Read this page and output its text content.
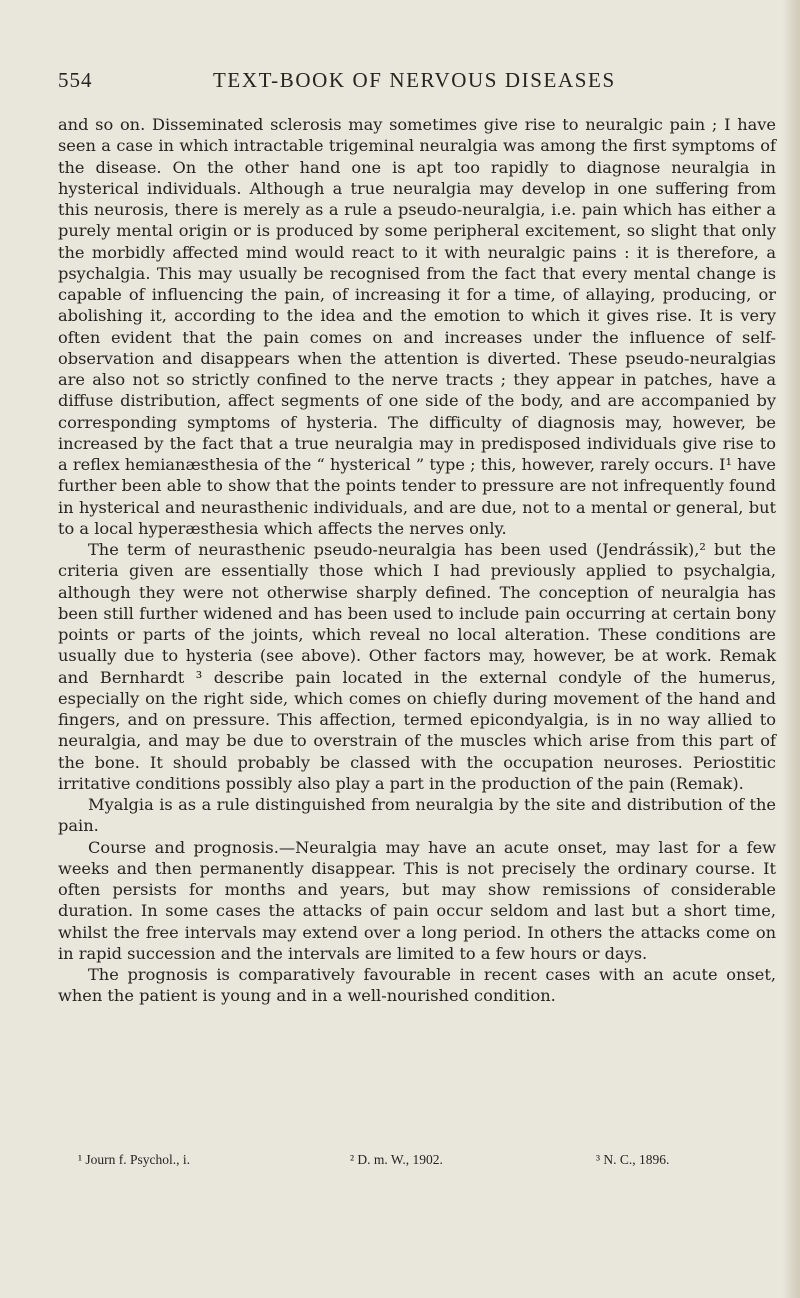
554	TEXT-BOOK OF NERVOUS DISEASES

and so on. Disseminated sclerosis may sometimes give rise to neuralgic pain ; I have seen a case in which intractable trigeminal neuralgia was among the first symptoms of the disease. On the other hand one is apt too rapidly to diagnose neuralgia in hysterical individuals. Although a true neuralgia may develop in one suffering from this neurosis, there is merely as a rule a pseudo-neuralgia, i.e. pain which has either a purely mental origin or is produced by some peripheral excitement, so slight that only the morbidly affected mind would react to it with neuralgic pains : it is therefore, a psychalgia. This may usually be recognised from the fact that every mental change is capable of influencing the pain, of increasing it for a time, of allaying, producing, or abolishing it, according to the idea and the emotion to which it gives rise. It is very often evident that the pain comes on and increases under the influence of self-observation and disappears when the attention is diverted. These pseudo-neuralgias are also not so strictly confined to the nerve tracts ; they appear in patches, have a diffuse distribution, affect segments of one side of the body, and are accompanied by corresponding symptoms of hysteria. The difficulty of diagnosis may, however, be increased by the fact that a true neuralgia may in predisposed individuals give rise to a reflex hemianæsthesia of the “ hysterical ” type ; this, however, rarely occurs. I¹ have further been able to show that the points tender to pressure are not infrequently found in hysterical and neurasthenic individuals, and are due, not to a mental or general, but to a local hyperæsthesia which affects the nerves only.

The term of neurasthenic pseudo-neuralgia has been used (Jendrássik),² but the criteria given are essentially those which I had previously applied to psychalgia, although they were not otherwise sharply defined. The conception of neuralgia has been still further widened and has been used to include pain occurring at certain bony points or parts of the joints, which reveal no local alteration. These conditions are usually due to hysteria (see above). Other factors may, however, be at work. Remak and Bernhardt ³ describe pain located in the external condyle of the humerus, especially on the right side, which comes on chiefly during movement of the hand and fingers, and on pressure. This affection, termed epicondyalgia, is in no way allied to neuralgia, and may be due to overstrain of the muscles which arise from this part of the bone. It should probably be classed with the occupation neuroses. Periostitic irritative conditions possibly also play a part in the production of the pain (Remak).

Myalgia is as a rule distinguished from neuralgia by the site and distribution of the pain.

Course and prognosis.—Neuralgia may have an acute onset, may last for a few weeks and then permanently disappear. This is not precisely the ordinary course. It often persists for months and years, but may show remissions of considerable duration. In some cases the attacks of pain occur seldom and last but a short time, whilst the free intervals may extend over a long period. In others the attacks come on in rapid succession and the intervals are limited to a few hours or days.

The prognosis is comparatively favourable in recent cases with an acute onset, when the patient is young and in a well-nourished condition.

¹ Journ f. Psychol., i.	² D. m. W., 1902.	³ N. C., 1896.
